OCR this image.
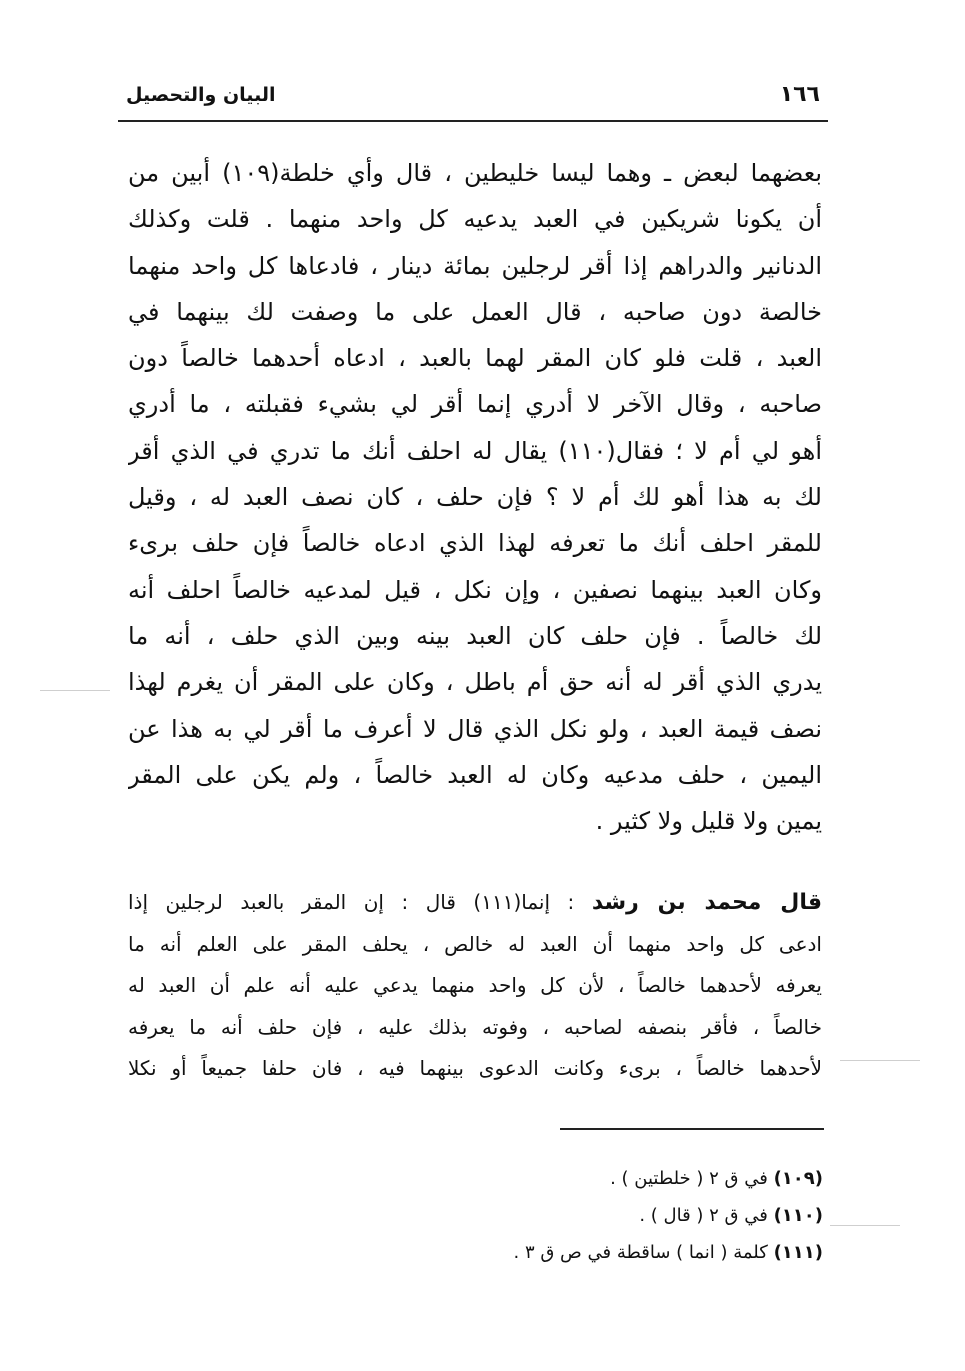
١٦٦
البيان والتحصيل
بعضهما لبعض ـ وهما ليسا خليطين ، قال وأي خلطة(١٠٩) أبين من
أن يكونا شريكين في العبد يدعيه كل واحد منهما . قلت وكذلك
الدنانير والدراهم إذا أقر لرجلين بمائة دينار ، فادعاها كل واحد منهما
خالصة دون صاحبه ، قال العمل على ما وصفت لك بينهما في
العبد ، قلت فلو كان المقر لهما بالعبد ، ادعاه أحدهما خالصاً دون
صاحبه ، وقال الآخر لا أدري إنما أقر لي بشيء فقبلته ، ما أدري
أهو لي أم لا ؛ فقال(١١٠) يقال له احلف أنك ما تدري في الذي أقر
لك به هذا أهو لك أم لا ؟ فإن حلف ، كان نصف العبد له ، وقيل
للمقر احلف أنك ما تعرفه لهذا الذي ادعاه خالصاً فإن حلف برىء
وكان العبد بينهما نصفين ، وإن نكل ، قيل لمدعيه خالصاً احلف أنه
لك خالصاً . فإن حلف كان العبد بينه وبين الذي حلف ، أنه ما
يدري الذي أقر له أنه حق أم باطل ، وكان على المقر أن يغرم لهذا
نصف قيمة العبد ، ولو نكل الذي قال لا أعرف ما أقر لي به هذا عن
اليمين ، حلف مدعيه وكان له العبد خالصاً ، ولم يكن على المقر
يمين ولا قليل ولا كثير .
قال محمد بن رشد : إنما(١١١) قال : إن المقر بالعبد لرجلين إذا
ادعى كل واحد منهما أن العبد له خالص ، يحلف المقر على العلم أنه ما
يعرفه لأحدهما خالصاً ، لأن كل واحد منهما يدعي عليه أنه علم أن العبد له
خالصاً ، فأقر بنصفه لصاحبه ، وفوته بذلك عليه ، فإن حلف أنه ما يعرفه
لأحدهما خالصاً ، برىء وكانت الدعوى بينهما فيه ، فان حلفا جميعاً أو نكلا
(١٠٩) في ق ٢ ( خلطتين ) .
(١١٠) في ق ٢ ( قال ) .
(١١١) كلمة ( انما ) ساقطة في ص ق ٣ .
